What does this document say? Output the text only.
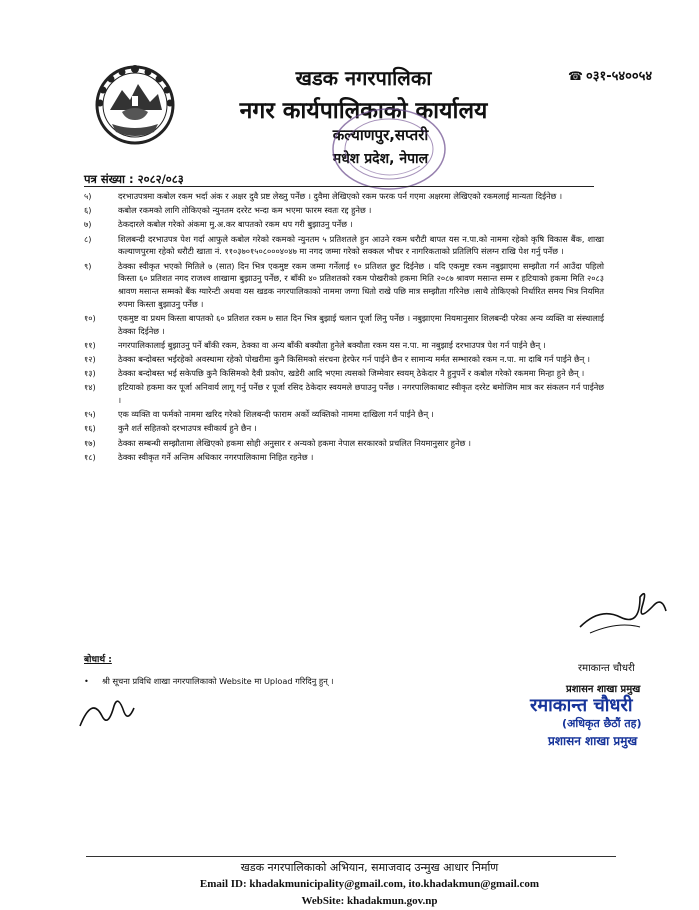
☎ ०३१-५४००५४
खडक नगरपालिका
नगर कार्यपालिकाको कार्यालय
कल्याणपुर,सप्तरी
मधेश प्रदेश, नेपाल
पत्र संख्या : २०८२/०८३
५)	दरभाउपत्रमा कबोल रकम भर्दा अंक र अक्षर दुवै प्रष्ट लेख्नु पर्नेछ । दुवैमा लेखिएको रकम फरक पर्न गएमा अक्षरमा लेखिएको रकमलाई मान्यता दिईनेछ ।
६)	कबोल रकमको लागि तोकिएको न्युनतम दररेट भन्दा कम भएमा फारम स्वतः रद्द हुनेछ ।
७)	ठेकदारले कबोल गरेको अंकमा मु.अ.कर बापतको रकम थप गरी बुझाउनु पर्नेछ ।
८)	शिलबन्दी दरभाउपत्र पेश गर्दा आफुले कबोल गरेको रकमको न्युनतम ५ प्रतिशतले हुन आउने रकम धरौटी बापत यस न.पा.को नाममा रहेको कृषि विकास बैंक, शाखा कल्याणपुरमा रहेको धरौटी खाता नं. ११०३७०१५०८०००४०४७ मा नगद जम्मा गरेको सक्कल भौचर र नागरिकताको प्रतिलिपि संलग्न राखि पेश गर्नु पर्नेछ ।
९)	ठेक्का स्वीकृत भएको मितिले ७ (सात) दिन भित्र एकमुष्ट रकम जम्मा गर्नेलाई १० प्रतिशत छुट दिईनेछ । यदि एकमुष्ट रकम नबुझाएमा सम्झौता गर्न आउँदा पहिलो किस्ता ६० प्रतिशत नगद राजश्व शाखामा बुझाउनु पर्नेछ, र बाँकी ४० प्रतिशतको रकम पोखरीको हकमा मिति २०८७ श्रावण मसान्त सम्म र हटियाको हकमा मिति २०८३ श्रावण मसान्त सम्मको बैंक ग्यारेन्टी अथवा यस खडक नगरपालिकाको नाममा जग्गा धितो राखे पछि मात्र सम्झौता गरिनेछ ।साथै तोकिएको निर्धारित समय भित्र नियमित रुपमा किस्ता बुझाउनु पर्नेछ ।
१०)	एकमुष्ट वा प्रथम किस्ता बापतको ६० प्रतिशत रकम ७ सात दिन भित्र बुझाई चलान पूर्जा लिनु पर्नेछ । नबुझाएमा नियमानुसार शिलबन्दी परेका अन्य व्यक्ति वा संस्थालाई ठेक्का दिईनेछ ।
११)	नगरपालिकालाई बुझाउनु पर्ने बाँकी रकम, ठेक्का वा अन्य बाँकी बक्यौता हुनेले बक्यौता रकम यस न.पा. मा नबुझाई दरभाउपत्र पेश गर्न पाईने छैन् ।
१२)	ठेक्का बन्दोबस्त भईरहेको अवस्थामा रहेको पोखरीमा कुनै किसिमको संरचना हेरफेर गर्न पाईने छैन र सामान्य मर्मत सम्भारको रकम न.पा. मा दाबि गर्न पाईने छैन् ।
१३)	ठेक्का बन्दोबस्त भई सकेपछि कुनै किसिमको दैवी प्रकोप, खडेरी आदि भएमा त्यसको जिम्मेवार स्वयम् ठेकेदार नै हुनुपर्ने र कबोल गरेको रकममा मिन्हा हुने छैन् ।
१४)	हटियाको हकमा कर पूर्जा अनिवार्य लागू गर्नु पर्नेछ र पूर्जा रसिद ठेकेदार स्वयमले छपाउनु पर्नेछ । नगरपालिकाबाट स्वीकृत दररेट बमोजिम मात्र कर संकलन गर्न पाईनेछ ।
१५)	एक व्यक्ति वा फर्मको नाममा खरिद गरेको शिलबन्दी फाराम अर्को व्यक्तिको नाममा दाखिला गर्न पाईने छैन् ।
१६)	कुनै शर्त सहितको दरभाउपत्र स्वीकार्य हुने छैन ।
१७)	ठेक्का सम्बन्धी सम्झौतामा लेखिएको हकमा सोही अनुसार र अन्यको हकमा नेपाल सरकारको प्रचलित नियमानुसार हुनेछ ।
१८)	ठेक्का स्वीकृत गर्ने अन्तिम अधिकार नगरपालिकामा निहित रहनेछ ।
रमाकान्त चौधरी
प्रशासन शाखा प्रमुख
रमाकान्त चौधरी
(अधिकृत छैठौं तह)
प्रशासन शाखा प्रमुख
बोधार्थ :
• श्री सूचना प्रविधि शाखा नगरपालिकाको Website मा Upload गरिदिनु हुन् ।
खडक नगरपालिकाको अभियान, समाजवाद उन्मुख आधार निर्माण
Email ID: khadakmunicipality@gmail.com, ito.khadakmun@gmail.com
WebSite: khadakmun.gov.np
